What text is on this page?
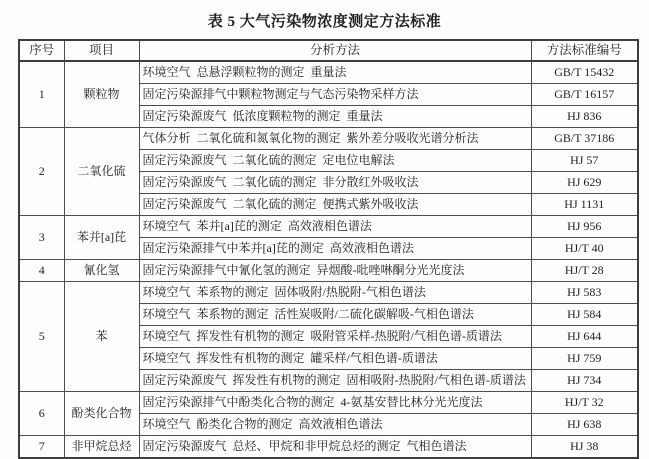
表 5 大气污染物浓度测定方法标准
序号	项目	分析方法	方法标准编号
1	颗粒物	环境空气  总悬浮颗粒物的测定  重量法	GB/T 15432
		固定污染源排气中颗粒物测定与气态污染物采样方法	GB/T 16157
		固定污染源废气  低浓度颗粒物的测定  重量法	HJ 836
2	二氧化硫	气体分析  二氧化硫和氮氧化物的测定  紫外差分吸收光谱分析法	GB/T 37186
		固定污染源废气  二氧化硫的测定  定电位电解法	HJ 57
		固定污染源废气  二氧化硫的测定  非分散红外吸收法	HJ 629
		固定污染源废气  二氧化硫的测定  便携式紫外吸收法	HJ 1131
3	苯并[a]芘	环境空气  苯并[a]芘的测定  高效液相色谱法	HJ 956
		固定污染源排气中苯并[a]芘的测定  高效液相色谱法	HJ/T 40
4	氰化氢	固定污染源排气中氰化氢的测定  异烟酸-吡唑啉酮分光光度法	HJ/T 28
5	苯	环境空气  苯系物的测定  固体吸附/热脱附-气相色谱法	HJ 583
		环境空气  苯系物的测定  活性炭吸附/二硫化碳解吸-气相色谱法	HJ 584
		环境空气  挥发性有机物的测定  吸附管采样-热脱附/气相色谱-质谱法	HJ 644
		环境空气  挥发性有机物的测定  罐采样/气相色谱-质谱法	HJ 759
		固定污染源废气  挥发性有机物的测定  固相吸附-热脱附/气相色谱-质谱法	HJ 734
6	酚类化合物	固定污染源排气中酚类化合物的测定  4-氨基安替比林分光光度法	HJ/T 32
		环境空气  酚类化合物的测定  高效液相色谱法	HJ 638
7	非甲烷总烃	固定污染源废气  总烃、甲烷和非甲烷总烃的测定  气相色谱法	HJ 38
